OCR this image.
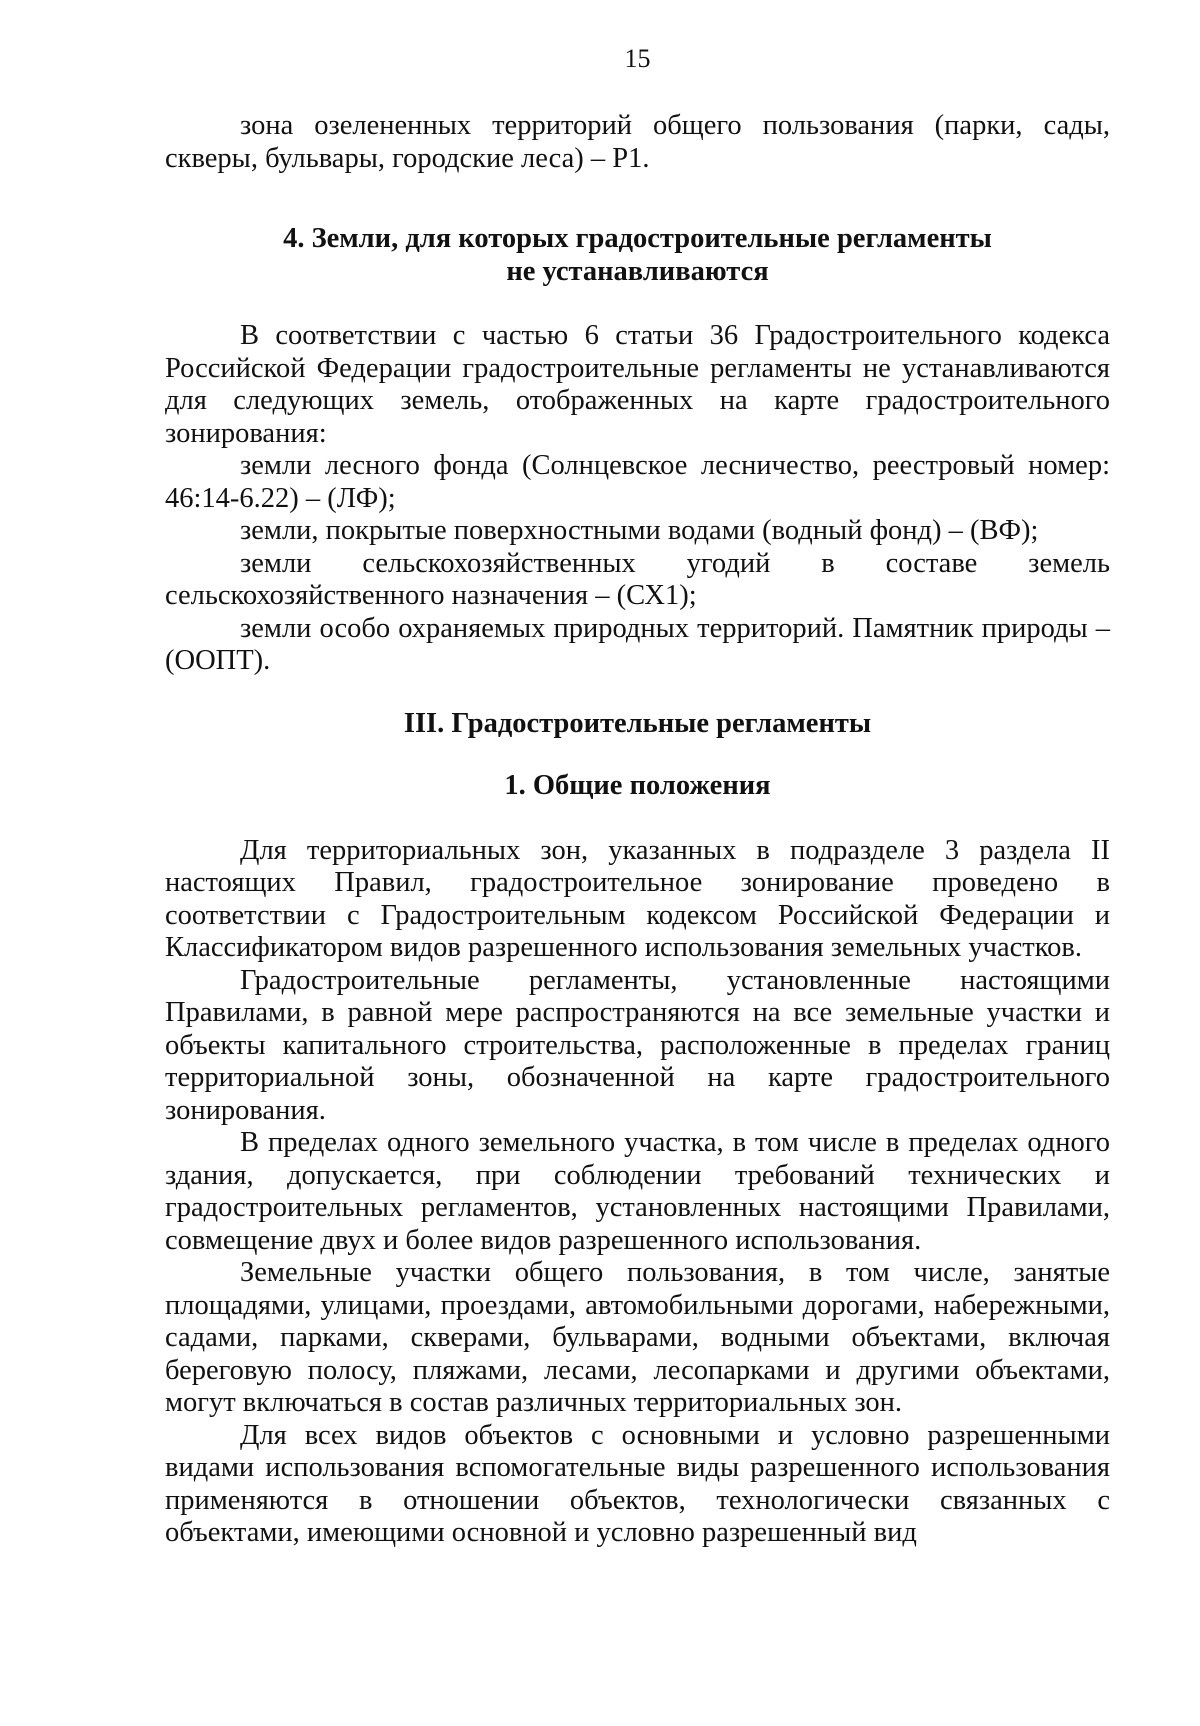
15

зона озелененных территорий общего пользования (парки, сады, скверы, бульвары, городские леса) – Р1.

4. Земли, для которых градостроительные регламенты
не устанавливаются

В соответствии с частью 6 статьи 36 Градостроительного кодекса Российской Федерации градостроительные регламенты не устанавливаются для следующих земель, отображенных на карте градостроительного зонирования:

земли лесного фонда (Солнцевское лесничество, реестровый номер: 46:14-6.22) – (ЛФ);

земли, покрытые поверхностными водами (водный фонд) – (ВФ);

земли сельскохозяйственных угодий в составе земель сельскохозяйственного назначения – (СХ1);

земли особо охраняемых природных территорий. Памятник природы – (ООПТ).

III. Градостроительные регламенты
1. Общие положения

Для территориальных зон, указанных в подразделе 3 раздела II настоящих Правил, градостроительное зонирование проведено в соответствии с Градостроительным кодексом Российской Федерации и Классификатором видов разрешенного использования земельных участков.

Градостроительные регламенты, установленные настоящими Правилами, в равной мере распространяются на все земельные участки и объекты капитального строительства, расположенные в пределах границ территориальной зоны, обозначенной на карте градостроительного зонирования.

В пределах одного земельного участка, в том числе в пределах одного здания, допускается, при соблюдении требований технических и градостроительных регламентов, установленных настоящими Правилами, совмещение двух и более видов разрешенного использования.

Земельные участки общего пользования, в том числе, занятые площадями, улицами, проездами, автомобильными дорогами, набережными, садами, парками, скверами, бульварами, водными объектами, включая береговую полосу, пляжами, лесами, лесопарками и другими объектами, могут включаться в состав различных территориальных зон.

Для всех видов объектов с основными и условно разрешенными видами использования вспомогательные виды разрешенного использования применяются в отношении объектов, технологически связанных с объектами, имеющими основной и условно разрешенный вид
